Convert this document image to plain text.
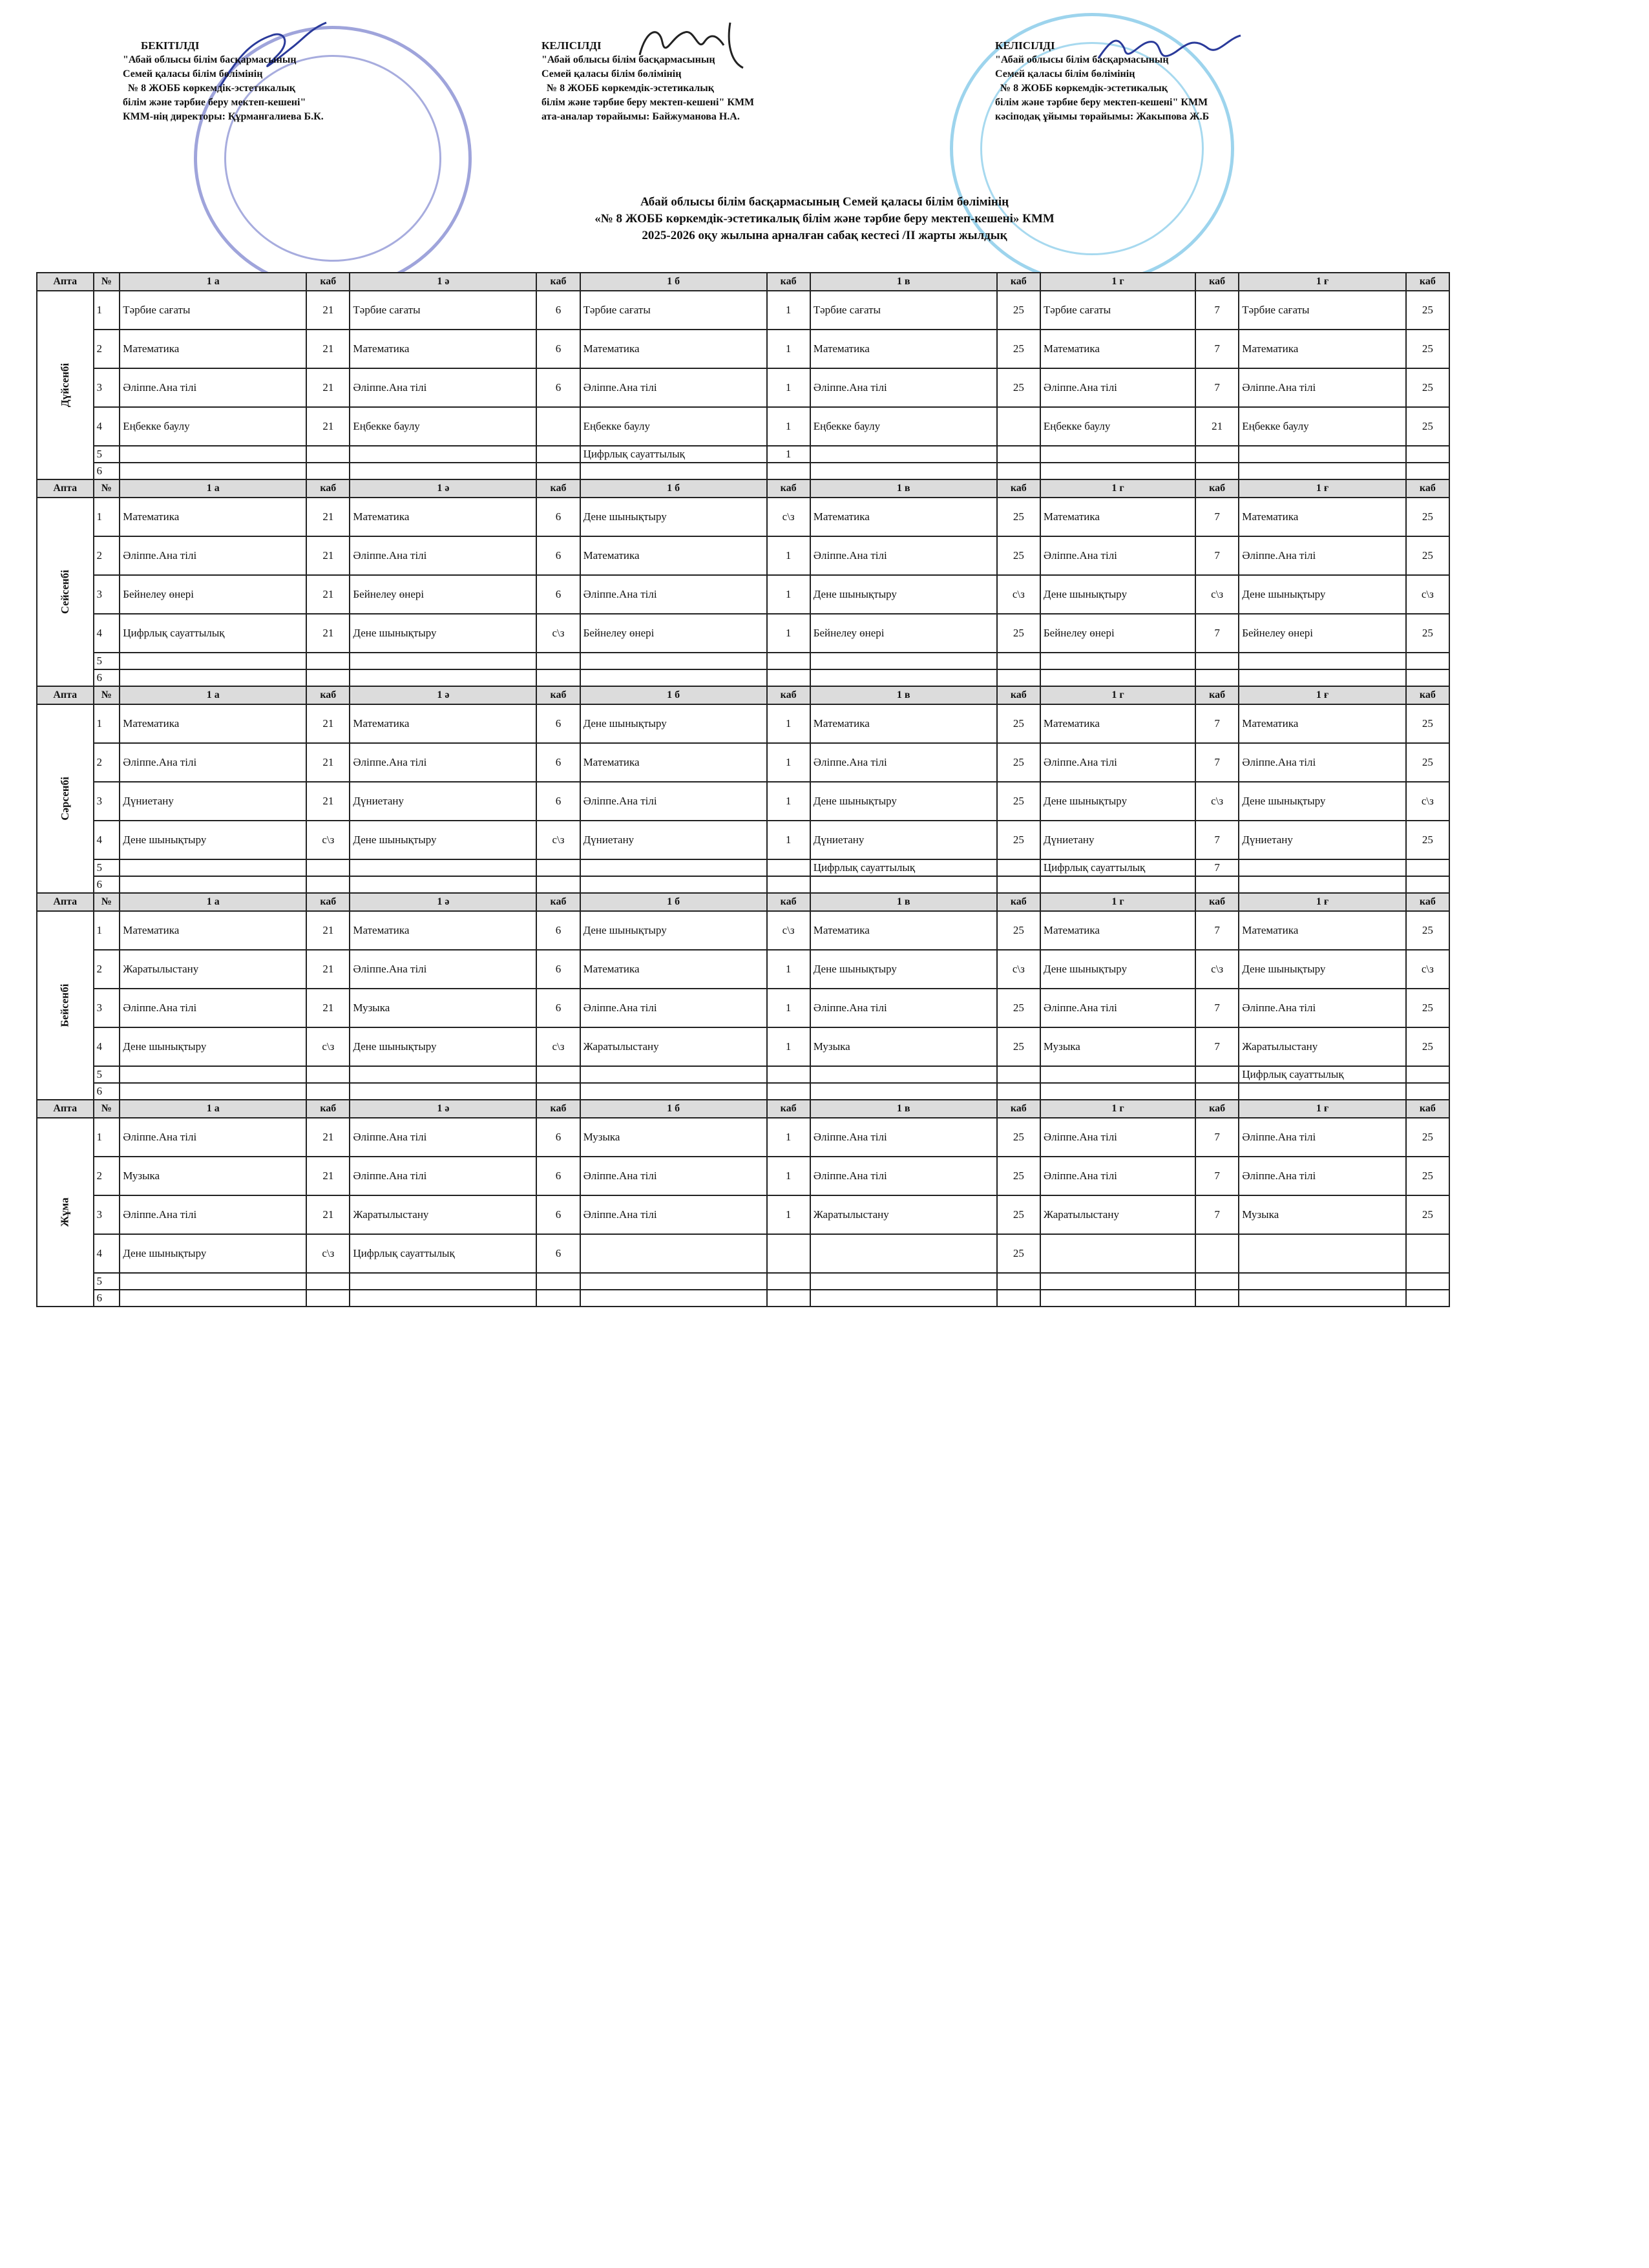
БЕКІТІЛДІ
"Абай облысы білім басқармасының
Семей қаласы білім бөлімінің
№ 8 ЖОББ көркемдік-эстетикалық
білім және тәрбие беру мектеп-кешені"
КММ-нің директоры: Құрманғалиева Б.К.
КЕЛІСІЛДІ
"Абай облысы білім басқармасының
Семей қаласы білім бөлімінің
№ 8 ЖОББ көркемдік-эстетикалық
білім және тәрбие беру мектеп-кешені" КММ
ата-аналар төрайымы: Байжуманова Н.А.
КЕЛІСІЛДІ
"Абай облысы білім басқармасының
Семей қаласы білім бөлімінің
№ 8 ЖОББ көркемдік-эстетикалық
білім және тәрбие беру мектеп-кешені" КММ
кәсіподақ ұйымы төрайымы: Жакыпова Ж.Б
Абай облысы білім басқармасының Семей қаласы білім бөлімінің
«№ 8 ЖОББ көркемдік-эстетикалық білім және тәрбие беру мектеп-кешені» КММ
2025-2026 оқу жылына арналған сабақ кестесі /ІІ жарты жылдық
Апта	№	1 а	каб	1 ә	каб	1 б	каб	1 в	каб	1 г	каб	1 ғ	каб
Дүйсенбі	1	Тәрбие сағаты	21	Тәрбие сағаты	6	Тәрбие сағаты	1	Тәрбие сағаты	25	Тәрбие сағаты	7	Тәрбие сағаты	25
	2	Математика	21	Математика	6	Математика	1	Математика	25	Математика	7	Математика	25
	3	Әліппе.Ана тілі	21	Әліппе.Ана тілі	6	Әліппе.Ана тілі	1	Әліппе.Ана тілі	25	Әліппе.Ана тілі	7	Әліппе.Ана тілі	25
	4	Еңбекке баулу	21	Еңбекке баулу		Еңбекке баулу	1	Еңбекке баулу		Еңбекке баулу	21	Еңбекке баулу	25
	5					Цифрлық сауаттылық	1						
	6												
Апта	№	1 а	каб	1 ә	каб	1 б	каб	1 в	каб	1 г	каб	1 ғ	каб
Сейсенбі	1	Математика	21	Математика	6	Дене шынықтыру	с\з	Математика	25	Математика	7	Математика	25
	2	Әліппе.Ана тілі	21	Әліппе.Ана тілі	6	Математика	1	Әліппе.Ана тілі	25	Әліппе.Ана тілі	7	Әліппе.Ана тілі	25
	3	Бейнелеу өнері	21	Бейнелеу өнері	6	Әліппе.Ана тілі	1	Дене шынықтыру	с\з	Дене шынықтыру	с\з	Дене шынықтыру	с\з
	4	Цифрлық сауаттылық	21	Дене шынықтыру	с\з	Бейнелеу өнері	1	Бейнелеу өнері	25	Бейнелеу өнері	7	Бейнелеу өнері	25
	5												
	6												
Апта	№	1 а	каб	1 ә	каб	1 б	каб	1 в	каб	1 г	каб	1 ғ	каб
Сәрсенбі	1	Математика	21	Математика	6	Дене шынықтыру	1	Математика	25	Математика	7	Математика	25
	2	Әліппе.Ана тілі	21	Әліппе.Ана тілі	6	Математика	1	Әліппе.Ана тілі	25	Әліппе.Ана тілі	7	Әліппе.Ана тілі	25
	3	Дүниетану	21	Дүниетану	6	Әліппе.Ана тілі	1	Дене шынықтыру	25	Дене шынықтыру	с\з	Дене шынықтыру	с\з
	4	Дене шынықтыру	с\з	Дене шынықтыру	с\з	Дүниетану	1	Дүниетану	25	Дүниетану	7	Дүниетану	25
	5							Цифрлық сауаттылық		Цифрлық сауаттылық	7		
	6												
Апта	№	1 а	каб	1 ә	каб	1 б	каб	1 в	каб	1 г	каб	1 ғ	каб
Бейсенбі	1	Математика	21	Математика	6	Дене шынықтыру	с\з	Математика	25	Математика	7	Математика	25
	2	Жаратылыстану	21	Әліппе.Ана тілі	6	Математика	1	Дене шынықтыру	с\з	Дене шынықтыру	с\з	Дене шынықтыру	с\з
	3	Әліппе.Ана тілі	21	Музыка	6	Әліппе.Ана тілі	1	Әліппе.Ана тілі	25	Әліппе.Ана тілі	7	Әліппе.Ана тілі	25
	4	Дене шынықтыру	с\з	Дене шынықтыру	с\з	Жаратылыстану	1	Музыка	25	Музыка	7	Жаратылыстану	25
	5											Цифрлық сауаттылық	
	6												
Апта	№	1 а	каб	1 ә	каб	1 б	каб	1 в	каб	1 г	каб	1 ғ	каб
Жұма	1	Әліппе.Ана тілі	21	Әліппе.Ана тілі	6	Музыка	1	Әліппе.Ана тілі	25	Әліппе.Ана тілі	7	Әліппе.Ана тілі	25
	2	Музыка	21	Әліппе.Ана тілі	6	Әліппе.Ана тілі	1	Әліппе.Ана тілі	25	Әліппе.Ана тілі	7	Әліппе.Ана тілі	25
	3	Әліппе.Ана тілі	21	Жаратылыстану	6	Әліппе.Ана тілі	1	Жаратылыстану	25	Жаратылыстану	7	Музыка	25
	4	Дене шынықтыру	с\з	Цифрлық сауаттылық	6				25				
	5												
	6												
